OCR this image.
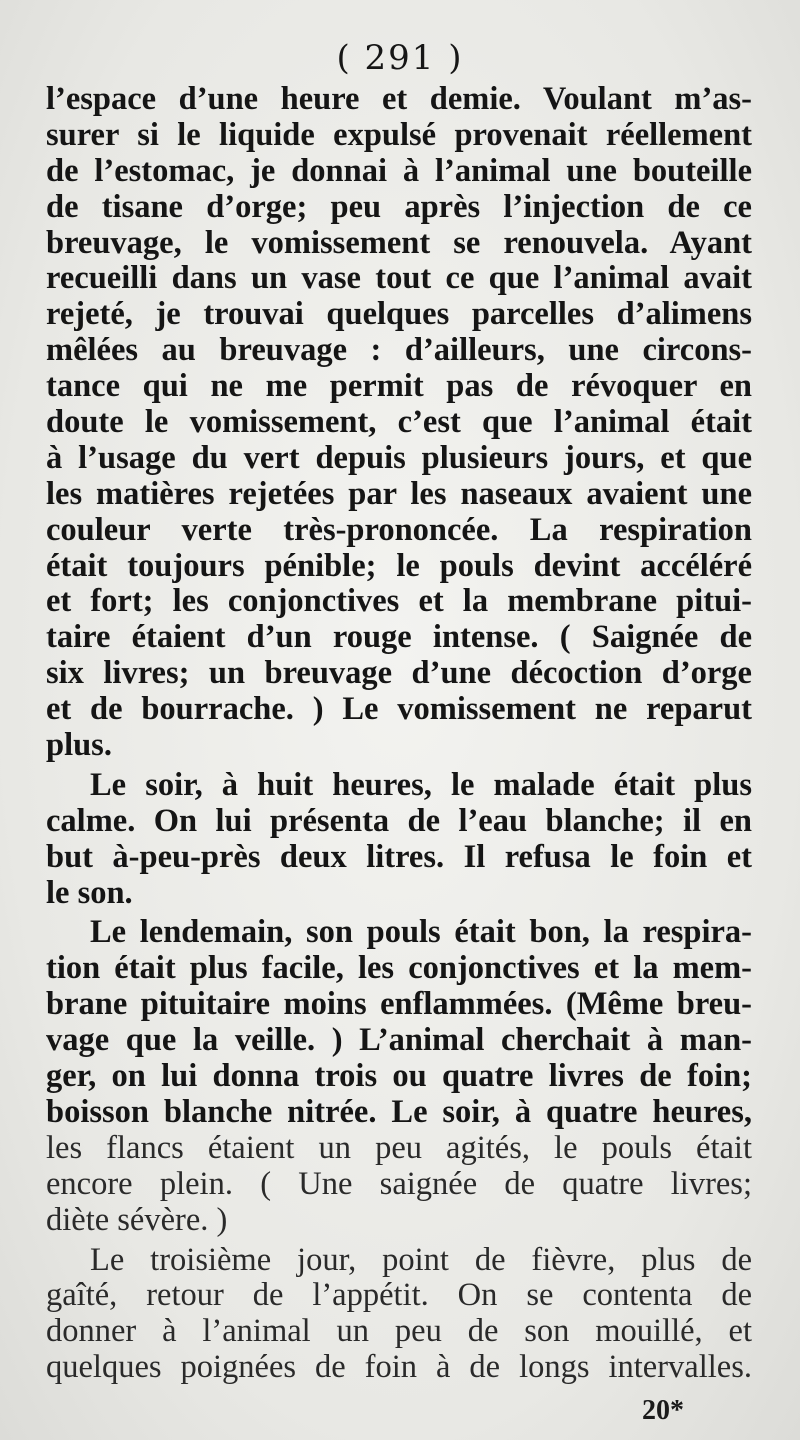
( 291 )
l’espace d’une heure et demie. Voulant m’as-
surer si le liquide expulsé provenait réellement
de l’estomac, je donnai à l’animal une bouteille
de tisane d’orge; peu après l’injection de ce
breuvage, le vomissement se renouvela. Ayant
recueilli dans un vase tout ce que l’animal avait
rejeté, je trouvai quelques parcelles d’alimens
mêlées au breuvage : d’ailleurs, une circons-
tance qui ne me permit pas de révoquer en
doute le vomissement, c’est que l’animal était
à l’usage du vert depuis plusieurs jours, et que
les matières rejetées par les naseaux avaient une
couleur verte très-prononcée. La respiration
était toujours pénible; le pouls devint accéléré
et fort; les conjonctives et la membrane pitui-
taire étaient d’un rouge intense. ( Saignée de
six livres; un breuvage d’une décoction d’orge
et de bourrache. ) Le vomissement ne reparut
plus.
Le soir, à huit heures, le malade était plus
calme. On lui présenta de l’eau blanche; il en
but à-peu-près deux litres. Il refusa le foin et
le son.
Le lendemain, son pouls était bon, la respira-
tion était plus facile, les conjonctives et la mem-
brane pituitaire moins enflammées. (Même breu-
vage que la veille. ) L’animal cherchait à man-
ger, on lui donna trois ou quatre livres de foin;
boisson blanche nitrée. Le soir, à quatre heures,
les flancs étaient un peu agités, le pouls était
encore plein. ( Une saignée de quatre livres;
diète sévère. )
Le troisième jour, point de fièvre, plus de
gaîté, retour de l’appétit. On se contenta de
donner à l’animal un peu de son mouillé, et
quelques poignées de foin à de longs intervalles.
20*
